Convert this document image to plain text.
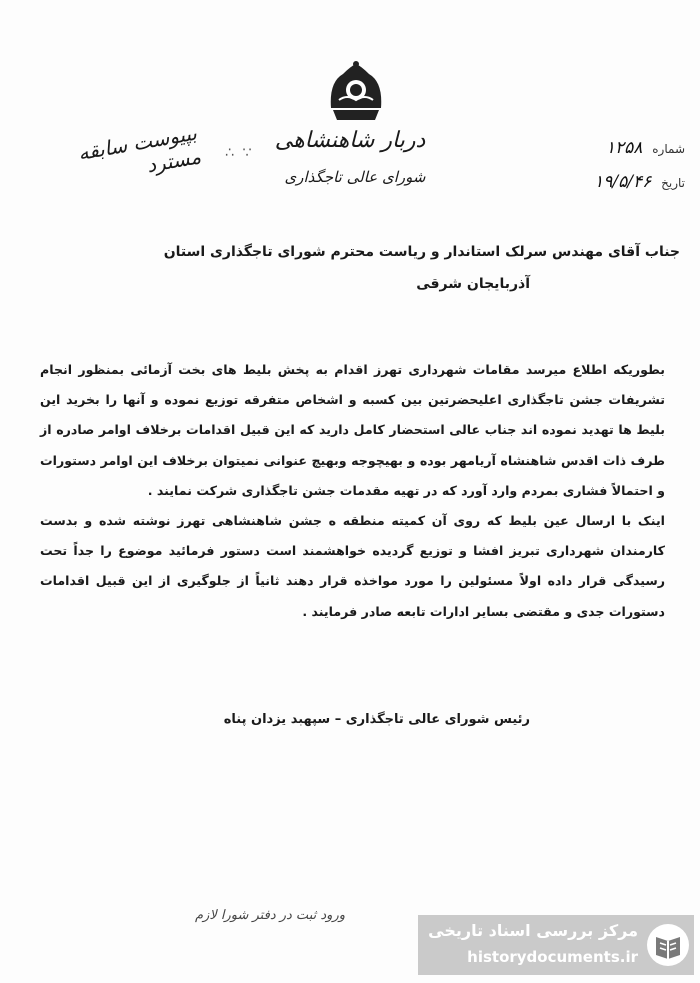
دربار شاهنشاهی
شورای عالی تاجگذاری
شماره ۱۲۵۸
تاریخ ۱۹/۵/۴۶
بپیوست سابقه مسترد ∴ ∵
جناب آقای مهندس سرلک استاندار و ریاست محترم شورای تاجگذاری استان
آذربایجان شرقی

بطوریکه اطلاع میرسد مقامات شهرداری تهرز اقدام به پخش بلیط های بخت آزمائی بمنظور انجام تشریفات جشن تاجگذاری اعلیحضرتین بین کسبه و اشخاص متفرقه توزیع نموده و آنها را بخرید این بلیط ها تهدید نموده اند جناب عالی استحضار کامل دارید که این قبیل اقدامات برخلاف اوامر صادره از طرف ذات اقدس شاهنشاه آریامهر بوده و بهیچوجه وبهیچ عنوانی نمیتوان برخلاف این اوامر دستورات و احتمالاً فشاری بمردم وارد آورد که در تهیه مقدمات جشن تاجگذاری شرکت نمایند .

اینک با ارسال عین بلیط که روی آن کمیته منطقه ه جشن شاهنشاهی تهرز نوشته شده و بدست کارمندان شهرداری تبریز افشا و توزیع گردیده خواهشمند است دستور فرمائید موضوع را جداً تحت رسیدگی قرار داده اولاً مسئولین را مورد مواخذه قرار دهند ثانیاً از جلوگیری از این قبیل اقدامات دستورات جدی و مقتضی بسایر ادارات تابعه صادر فرمایند .

رئیس شورای عالی تاجگذاری – سپهبد یزدان پناه
ورود ثبت در دفتر شورا لازم
مرکز بررسی اسناد تاریخی
historydocuments.ir
